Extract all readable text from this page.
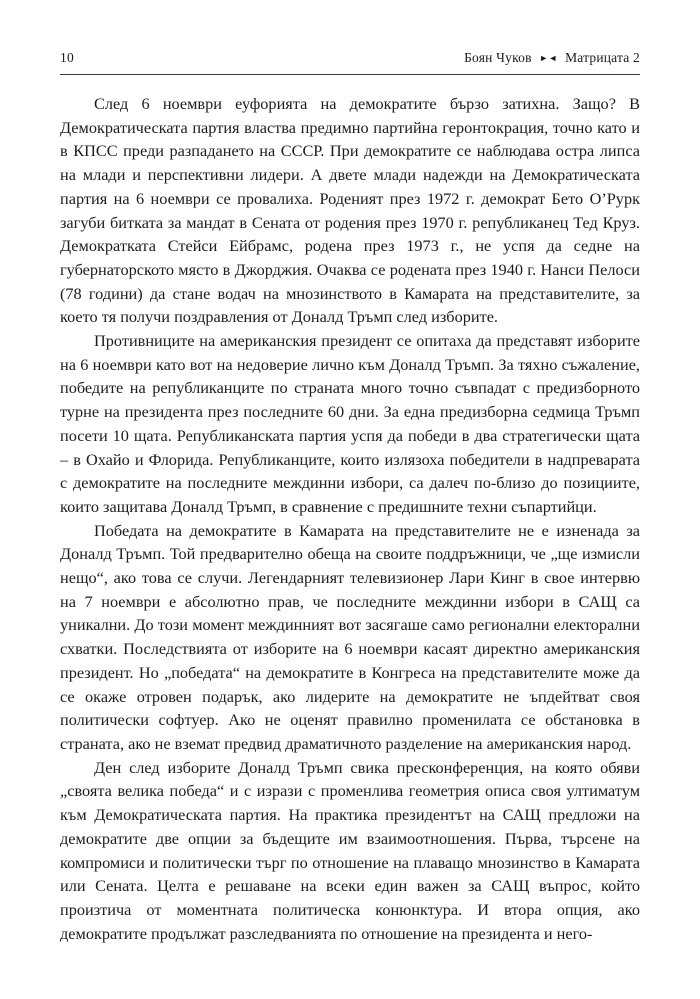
10	Боян Чуков ►◄ Матрицата 2

След 6 ноември еуфорията на демократите бързо затихна. Защо? В Демократическата партия властва предимно партийна геронтокрация, точно като и в КПСС преди разпадането на СССР. При демократите се наблюдава остра липса на млади и перспективни лидери. А двете млади надежди на Демократическата партия на 6 ноември се провалиха. Роденият през 1972 г. демократ Бето О’Рурк загуби битката за мандат в Сената от родения през 1970 г. републиканец Тед Круз. Демократката Стейси Ейбрамс, родена през 1973 г., не успя да седне на губернаторското място в Джорджия. Очаква се родената през 1940 г. Нанси Пелоси (78 години) да стане водач на мнозинството в Камарата на представителите, за което тя получи поздравления от Доналд Тръмп след изборите.

Противниците на американския президент се опитаха да представят изборите на 6 ноември като вот на недоверие лично към Доналд Тръмп. За тяхно съжаление, победите на републиканците по страната много точно съвпадат с предизборното турне на президента през последните 60 дни. За една предизборна седмица Тръмп посети 10 щата. Републиканската партия успя да победи в два стратегически щата – в Охайо и Флорида. Републиканците, които излязоха победители в надпреварата с демократите на последните междинни избори, са далеч по-близо до позициите, които защитава Доналд Тръмп, в сравнение с предишните техни съпартийци.

Победата на демократите в Камарата на представителите не е изненада за Доналд Тръмп. Той предварително обеща на своите поддръжници, че „ще измисли нещо“, ако това се случи. Легендарният телевизионер Лари Кинг в свое интервю на 7 ноември е абсолютно прав, че последните междинни избори в САЩ са уникални. До този момент междинният вот засягаше само регионални електорални схватки. Последствията от изборите на 6 ноември касаят директно американския президент. Но „победата“ на демократите в Конгреса на представителите може да се окаже отровен подарък, ако лидерите на демократите не ъпдейтват своя политически софтуер. Ако не оценят правилно променилата се обстановка в страната, ако не вземат предвид драматичното разделение на американския народ.

Ден след изборите Доналд Тръмп свика пресконференция, на която обяви „своята велика победа“ и с изрази с променлива геометрия описа своя ултиматум към Демократическата партия. На практика президентът на САЩ предложи на демократите две опции за бъдещите им взаимоотношения. Първа, търсене на компромиси и политически търг по отношение на плаващо мнозинство в Камарата или Сената. Целта е решаване на всеки един важен за САЩ въпрос, който произтича от моментната политическа конюнктура. И втора опция, ако демократите продължат разследванията по отношение на президента и него-
